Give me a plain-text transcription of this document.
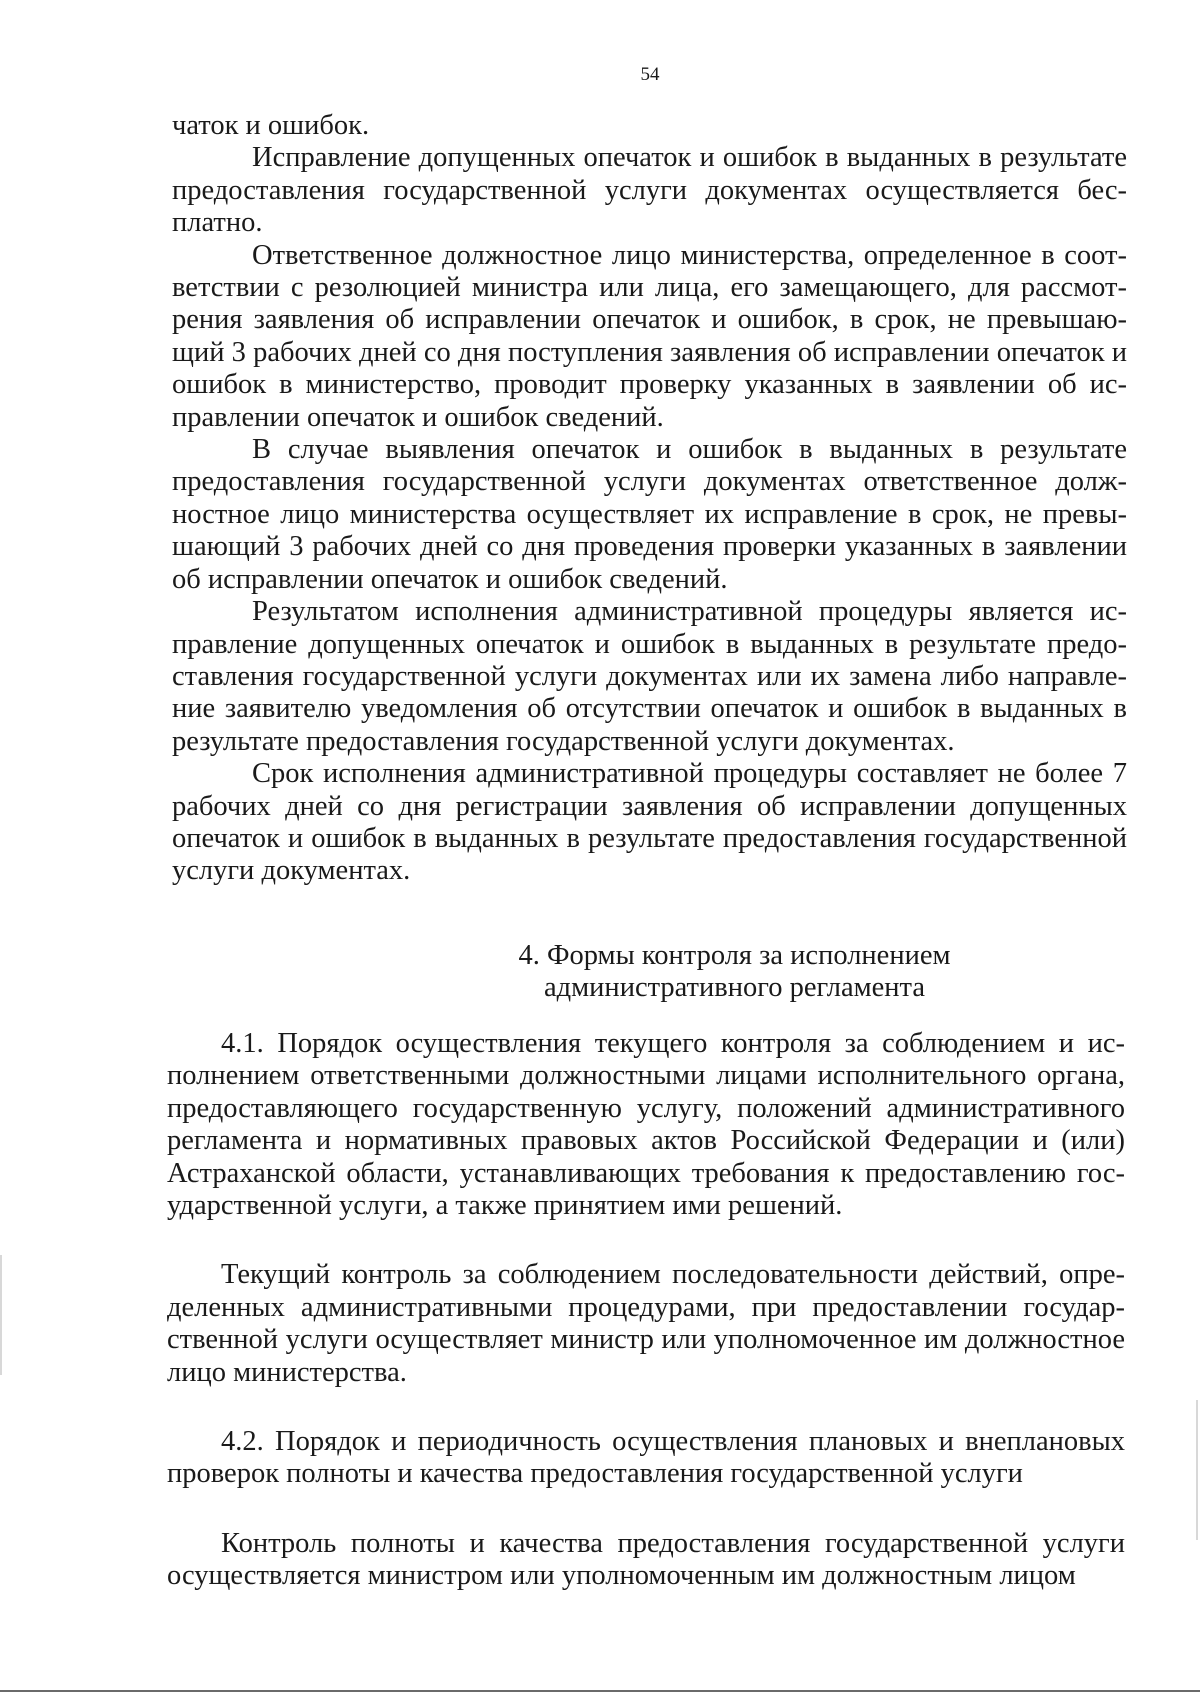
54

чаток и ошибок.

Исправление допущенных опечаток и ошибок в выданных в результате предоставления государственной услуги документах осуществляется бесплатно.

Ответственное должностное лицо министерства, определенное в соответствии с резолюцией министра или лица, его замещающего, для рассмотрения заявления об исправлении опечаток и ошибок, в срок, не превышающий 3 рабочих дней со дня поступления заявления об исправлении опечаток и ошибок в министерство, проводит проверку указанных в заявлении об исправлении опечаток и ошибок сведений.

В случае выявления опечаток и ошибок в выданных в результате предоставления государственной услуги документах ответственное должностное лицо министерства осуществляет их исправление в срок, не превышающий 3 рабочих дней со дня проведения проверки указанных в заявлении об исправлении опечаток и ошибок сведений.

Результатом исполнения административной процедуры является исправление допущенных опечаток и ошибок в выданных в результате предоставления государственной услуги документах или их замена либо направление заявителю уведомления об отсутствии опечаток и ошибок в выданных в результате предоставления государственной услуги документах.

Срок исполнения административной процедуры составляет не более 7 рабочих дней со дня регистрации заявления об исправлении допущенных опечаток и ошибок в выданных в результате предоставления государственной услуги документах.

4. Формы контроля за исполнением
административного регламента

4.1. Порядок осуществления текущего контроля за соблюдением и исполнением ответственными должностными лицами исполнительного органа, предоставляющего государственную услугу, положений административного регламента и нормативных правовых актов Российской Федерации и (или) Астраханской области, устанавливающих требования к предоставлению государственной услуги, а также принятием ими решений.

Текущий контроль за соблюдением последовательности действий, определенных административными процедурами, при предоставлении государственной услуги осуществляет министр или уполномоченное им должностное лицо министерства.

4.2. Порядок и периодичность осуществления плановых и внеплановых проверок полноты и качества предоставления государственной услуги

Контроль полноты и качества предоставления государственной услуги осуществляется министром или уполномоченным им должностным лицом
